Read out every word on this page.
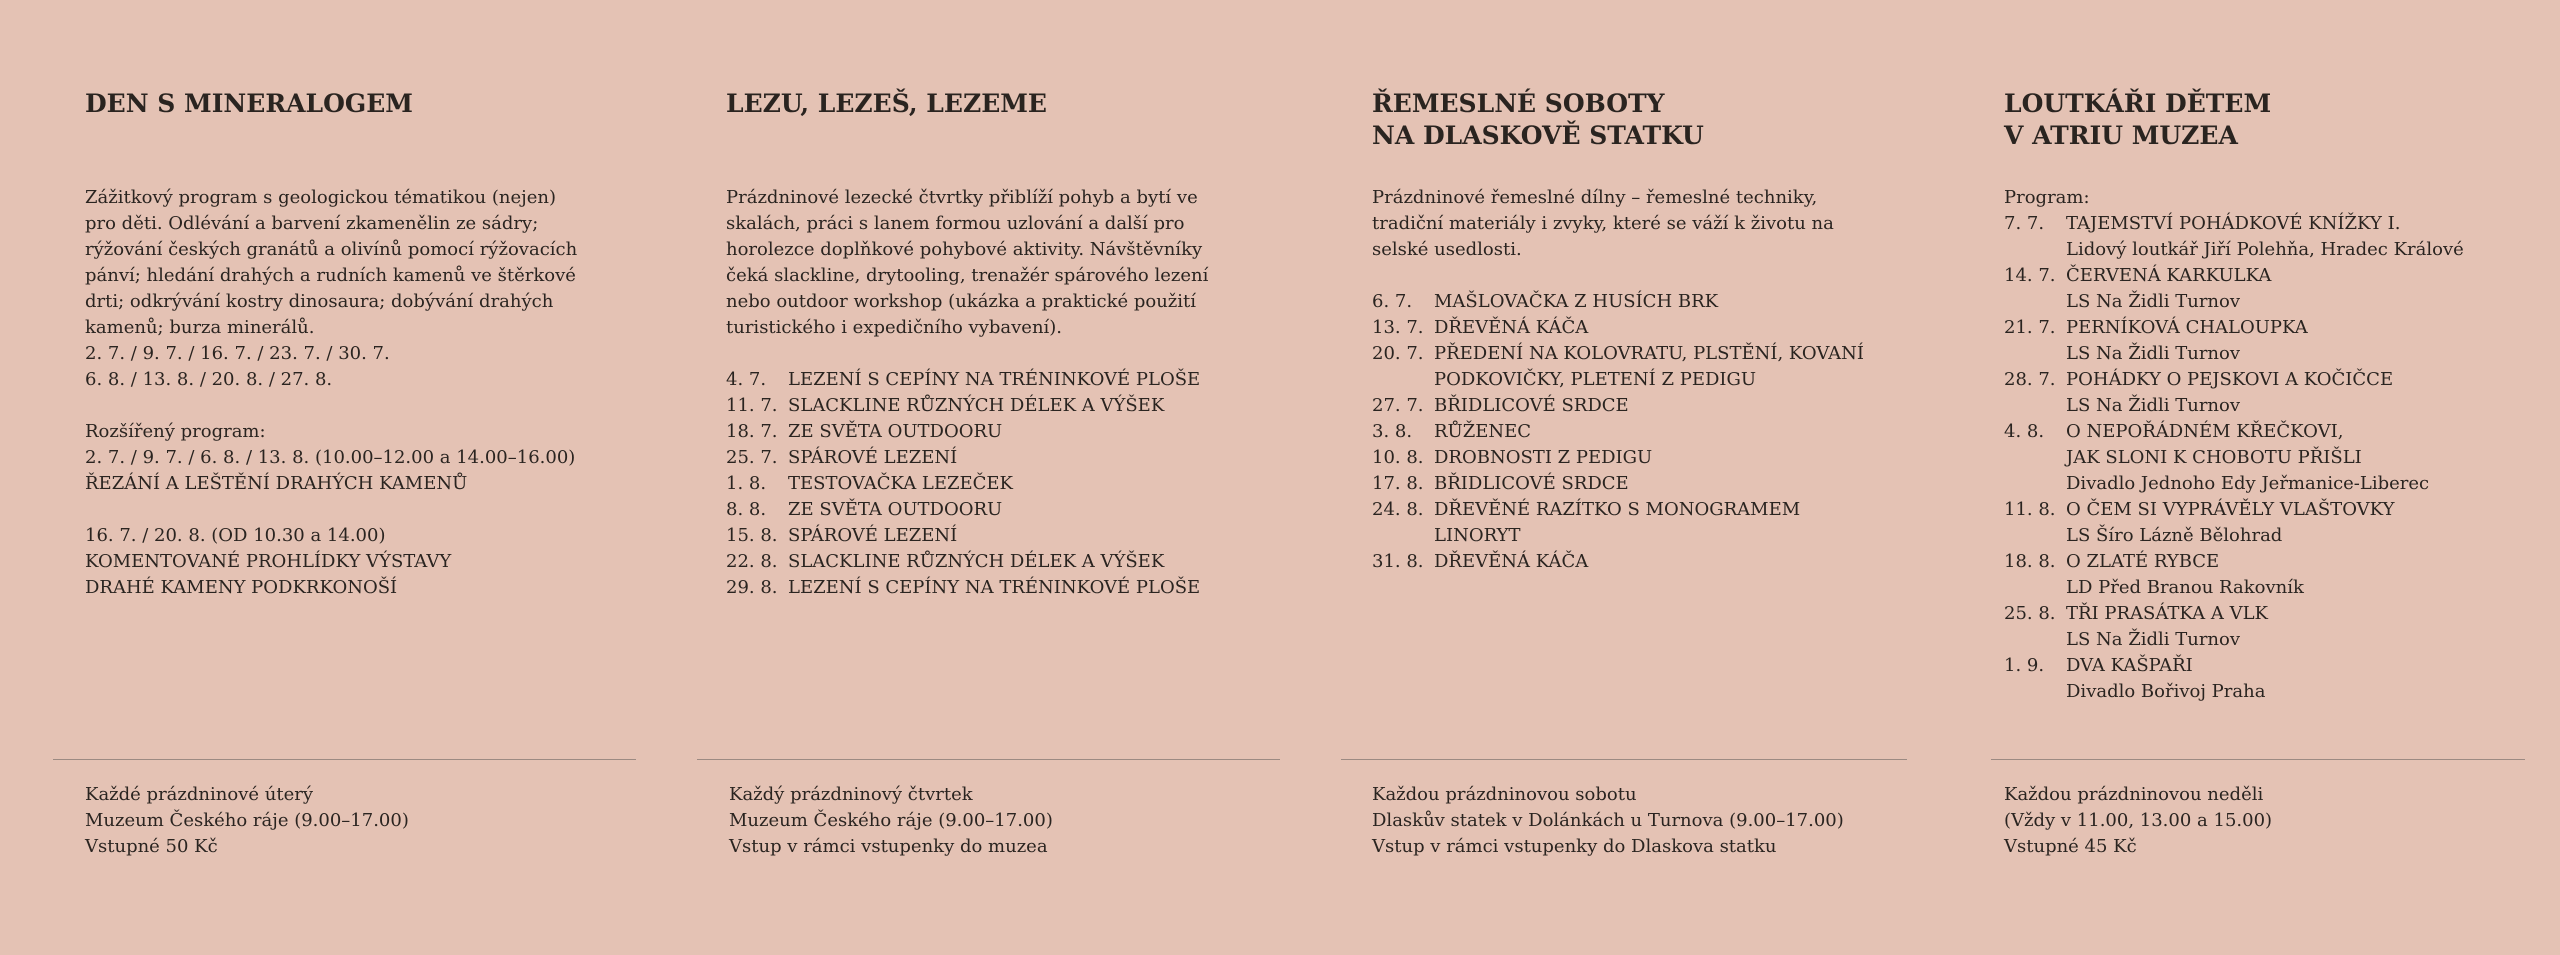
DEN S MINERALOGEM

Zážitkový program s geologickou tématikou (nejen)

pro děti. Odlévání a barvení zkamenělin ze sádry;

rýžování českých granátů a olivínů pomocí rýžovacích

pánví; hledání drahých a rudních kamenů ve štěrkové

drti; odkrývání kostry dinosaura; dobývání drahých

kamenů; burza minerálů.

2. 7. / 9. 7. / 16. 7. / 23. 7. / 30. 7.

6. 8. / 13. 8. / 20. 8. / 27. 8.

Rozšířený program:

2. 7. / 9. 7. / 6. 8. / 13. 8. (10.00–12.00 a 14.00–16.00)

ŘEZÁNÍ A LEŠTĚNÍ DRAHÝCH KAMENŮ

16. 7. / 20. 8. (OD 10.30 a 14.00)

KOMENTOVANÉ PROHLÍDKY VÝSTAVY

DRAHÉ KAMENY PODKRKONOŠÍ

Každé prázdninové úterý

Muzeum Českého ráje (9.00–17.00)

Vstupné 50 Kč

LEZU, LEZEŠ, LEZEME

Prázdninové lezecké čtvrtky přiblíží pohyb a bytí ve

skalách, práci s lanem formou uzlování a další pro

horolezce doplňkové pohybové aktivity. Návštěvníky

čeká slackline, drytooling, trenažér spárového lezení

nebo outdoor workshop (ukázka a praktické použití

turistického i expedičního vybavení).

4. 7.	LEZENÍ S CEPÍNY NA TRÉNINKOVÉ PLOŠE
11. 7. SLACKLINE RŮZNÝCH DÉLEK A VÝŠEK
18. 7. ZE SVĚTA OUTDOORU
25. 7. SPÁROVÉ LEZENÍ
1. 8.	TESTOVAČKA LEZEČEK
8. 8.	ZE SVĚTA OUTDOORU
15. 8. SPÁROVÉ LEZENÍ
22. 8. SLACKLINE RŮZNÝCH DÉLEK A VÝŠEK
29. 8. LEZENÍ S CEPÍNY NA TRÉNINKOVÉ PLOŠE

Každý prázdninový čtvrtek

Muzeum Českého ráje (9.00–17.00)

Vstup v rámci vstupenky do muzea

ŘEMESLNÉ SOBOTY
NA DLASKOVĚ STATKU

Prázdninové řemeslné dílny – řemeslné techniky,

tradiční materiály i zvyky, které se váží k životu na

selské usedlosti.

6. 7.	MAŠLOVAČKA Z HUSÍCH BRK
13. 7. DŘEVĚNÁ KÁČA
20. 7. PŘEDENÍ NA KOLOVRATU, PLSTĚNÍ, KOVANÍ
PODKOVIČKY, PLETENÍ Z PEDIGU
27. 7. BŘIDLICOVÉ SRDCE
3. 8.	RŮŽENEC
10. 8. DROBNOSTI Z PEDIGU
17. 8. BŘIDLICOVÉ SRDCE
24. 8. DŘEVĚNÉ RAZÍTKO S MONOGRAMEM
LINORYT
31. 8. DŘEVĚNÁ KÁČA

Každou prázdninovou sobotu

Dlaskův statek v Dolánkách u Turnova (9.00–17.00)

Vstup v rámci vstupenky do Dlaskova statku

LOUTKÁŘI DĚTEM
V ATRIU MUZEA

Program:

7. 7.	TAJEMSTVÍ POHÁDKOVÉ KNÍŽKY I.
Lidový loutkář Jiří Polehňa, Hradec Králové
14. 7. ČERVENÁ KARKULKA
LS Na Židli Turnov
21. 7. PERNÍKOVÁ CHALOUPKA
LS Na Židli Turnov
28. 7. POHÁDKY O PEJSKOVI A KOČIČCE
LS Na Židli Turnov
4. 8.	O NEPOŘÁDNÉM KŘEČKOVI,
JAK SLONI K CHOBOTU PŘIŠLI
Divadlo Jednoho Edy Jeřmanice-Liberec
11. 8. O ČEM SI VYPRÁVĚLY VLAŠTOVKY
LS Šíro Lázně Bělohrad
18. 8. O ZLATÉ RYBCE
LD Před Branou Rakovník
25. 8. TŘI PRASÁTKA A VLK
LS Na Židli Turnov
1. 9.	DVA KAŠPAŘI
Divadlo Bořivoj Praha

Každou prázdninovou neděli

(Vždy v 11.00, 13.00 a 15.00)

Vstupné 45 Kč
